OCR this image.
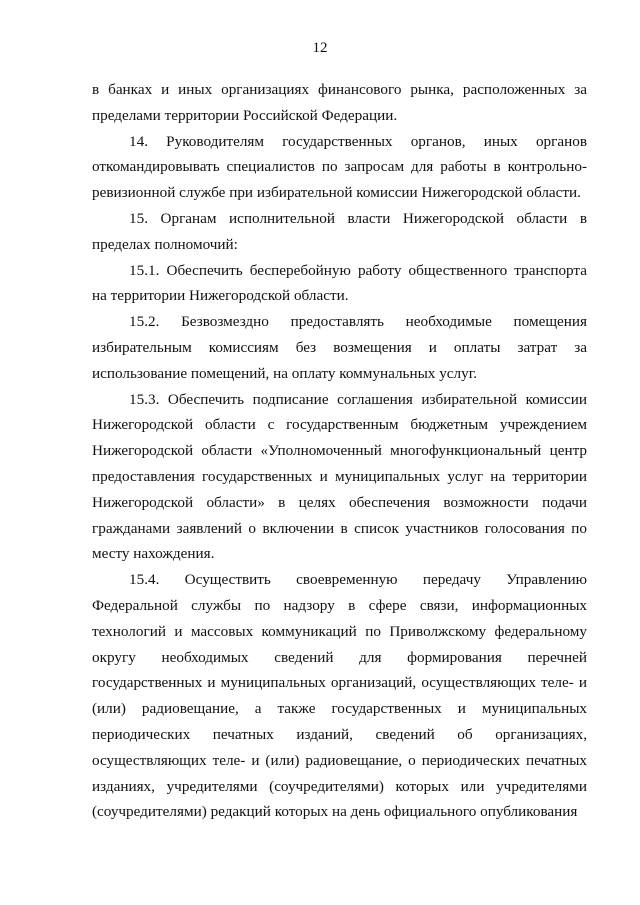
12

в банках и иных организациях финансового рынка, расположенных за пределами территории Российской Федерации.

14. Руководителям государственных органов, иных органов откомандировывать специалистов по запросам для работы в контрольно-ревизионной службе при избирательной комиссии Нижегородской области.

15. Органам исполнительной власти Нижегородской области в пределах полномочий:

15.1. Обеспечить бесперебойную работу общественного транспорта на территории Нижегородской области.

15.2. Безвозмездно предоставлять необходимые помещения избирательным комиссиям без возмещения и оплаты затрат за использование помещений, на оплату коммунальных услуг.

15.3. Обеспечить подписание соглашения избирательной комиссии Нижегородской области с государственным бюджетным учреждением Нижегородской области «Уполномоченный многофункциональный центр предоставления государственных и муниципальных услуг на территории Нижегородской области» в целях обеспечения возможности подачи гражданами заявлений о включении в список участников голосования по месту нахождения.

15.4. Осуществить своевременную передачу Управлению Федеральной службы по надзору в сфере связи, информационных технологий и массовых коммуникаций по Приволжскому федеральному округу необходимых сведений для формирования перечней государственных и муниципальных организаций, осуществляющих теле- и (или) радиовещание, а также государственных и муниципальных периодических печатных изданий, сведений об организациях, осуществляющих теле- и (или) радиовещание, о периодических печатных изданиях, учредителями (соучредителями) которых или учредителями (соучредителями) редакций которых на день официального опубликования
